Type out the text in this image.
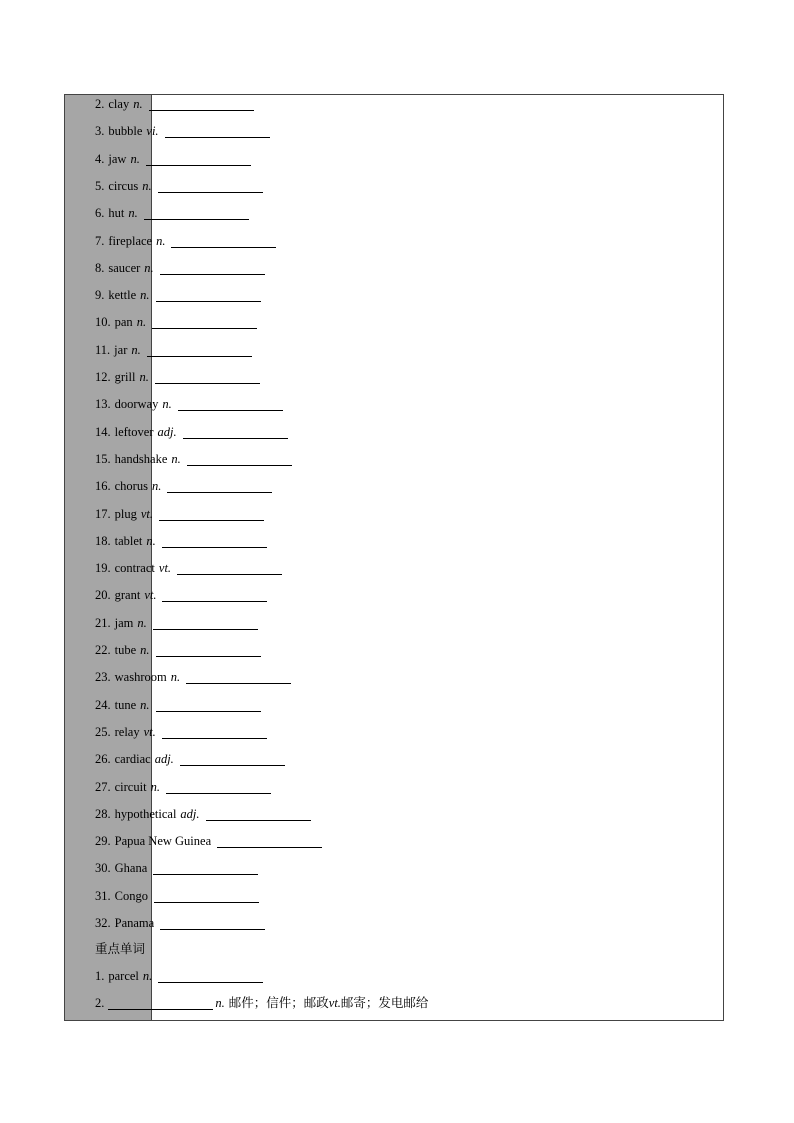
2. clay n.
3. bubble vi.
4. jaw n.
5. circus n.
6. hut n.
7. fireplace n.
8. saucer n.
9. kettle n.
10. pan n.
11. jar n.
12. grill n.
13. doorway n.
14. leftover adj.
15. handshake n.
16. chorus n.
17. plug vt.
18. tablet n.
19. contract vt.
20. grant vt.
21. jam n.
22. tube n.
23. washroom n.
24. tune n.
25. relay vt.
26. cardiac adj.
27. circuit n.
28. hypothetical adj.
29. Papua New Guinea
30. Ghana
31. Congo
32. Panama
重点单词
1. parcel n.
2.	n. 邮件；信件；邮政 vt. 邮寄；发电邮给
